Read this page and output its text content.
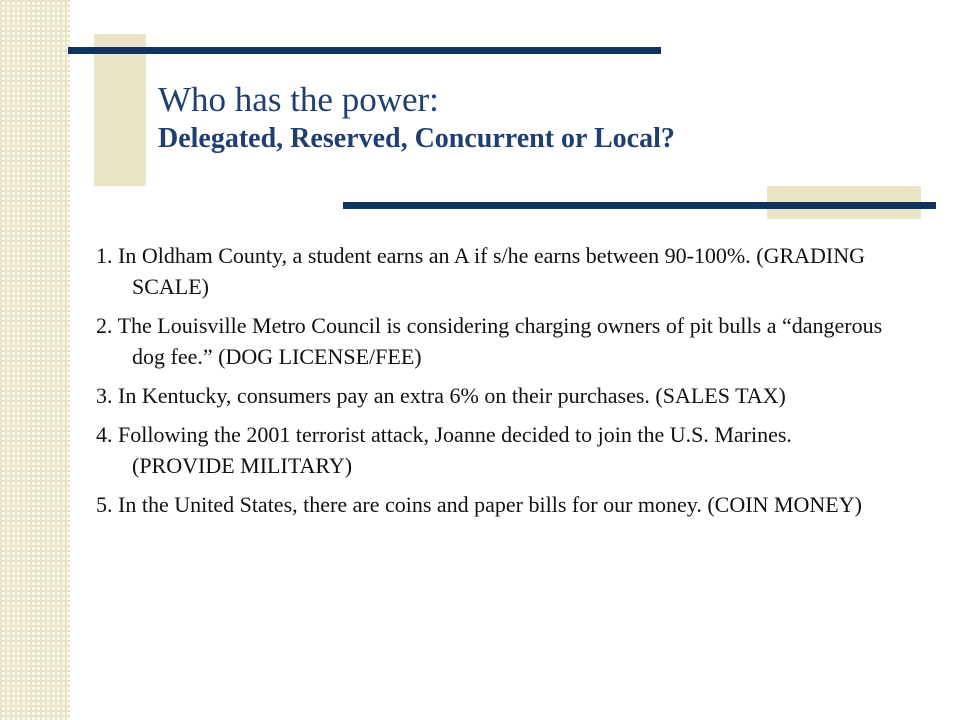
Who has the power:
Delegated, Reserved, Concurrent or Local?
1. In Oldham County, a student earns an A if s/he earns between 90-100%. (GRADING SCALE)
2. The Louisville Metro Council is considering charging owners of pit bulls a “dangerous dog fee.” (DOG LICENSE/FEE)
3. In Kentucky, consumers pay an extra 6% on their purchases. (SALES TAX)
4. Following the 2001 terrorist attack, Joanne decided to join the U.S. Marines. (PROVIDE MILITARY)
5. In the United States, there are coins and paper bills for our money. (COIN MONEY)
